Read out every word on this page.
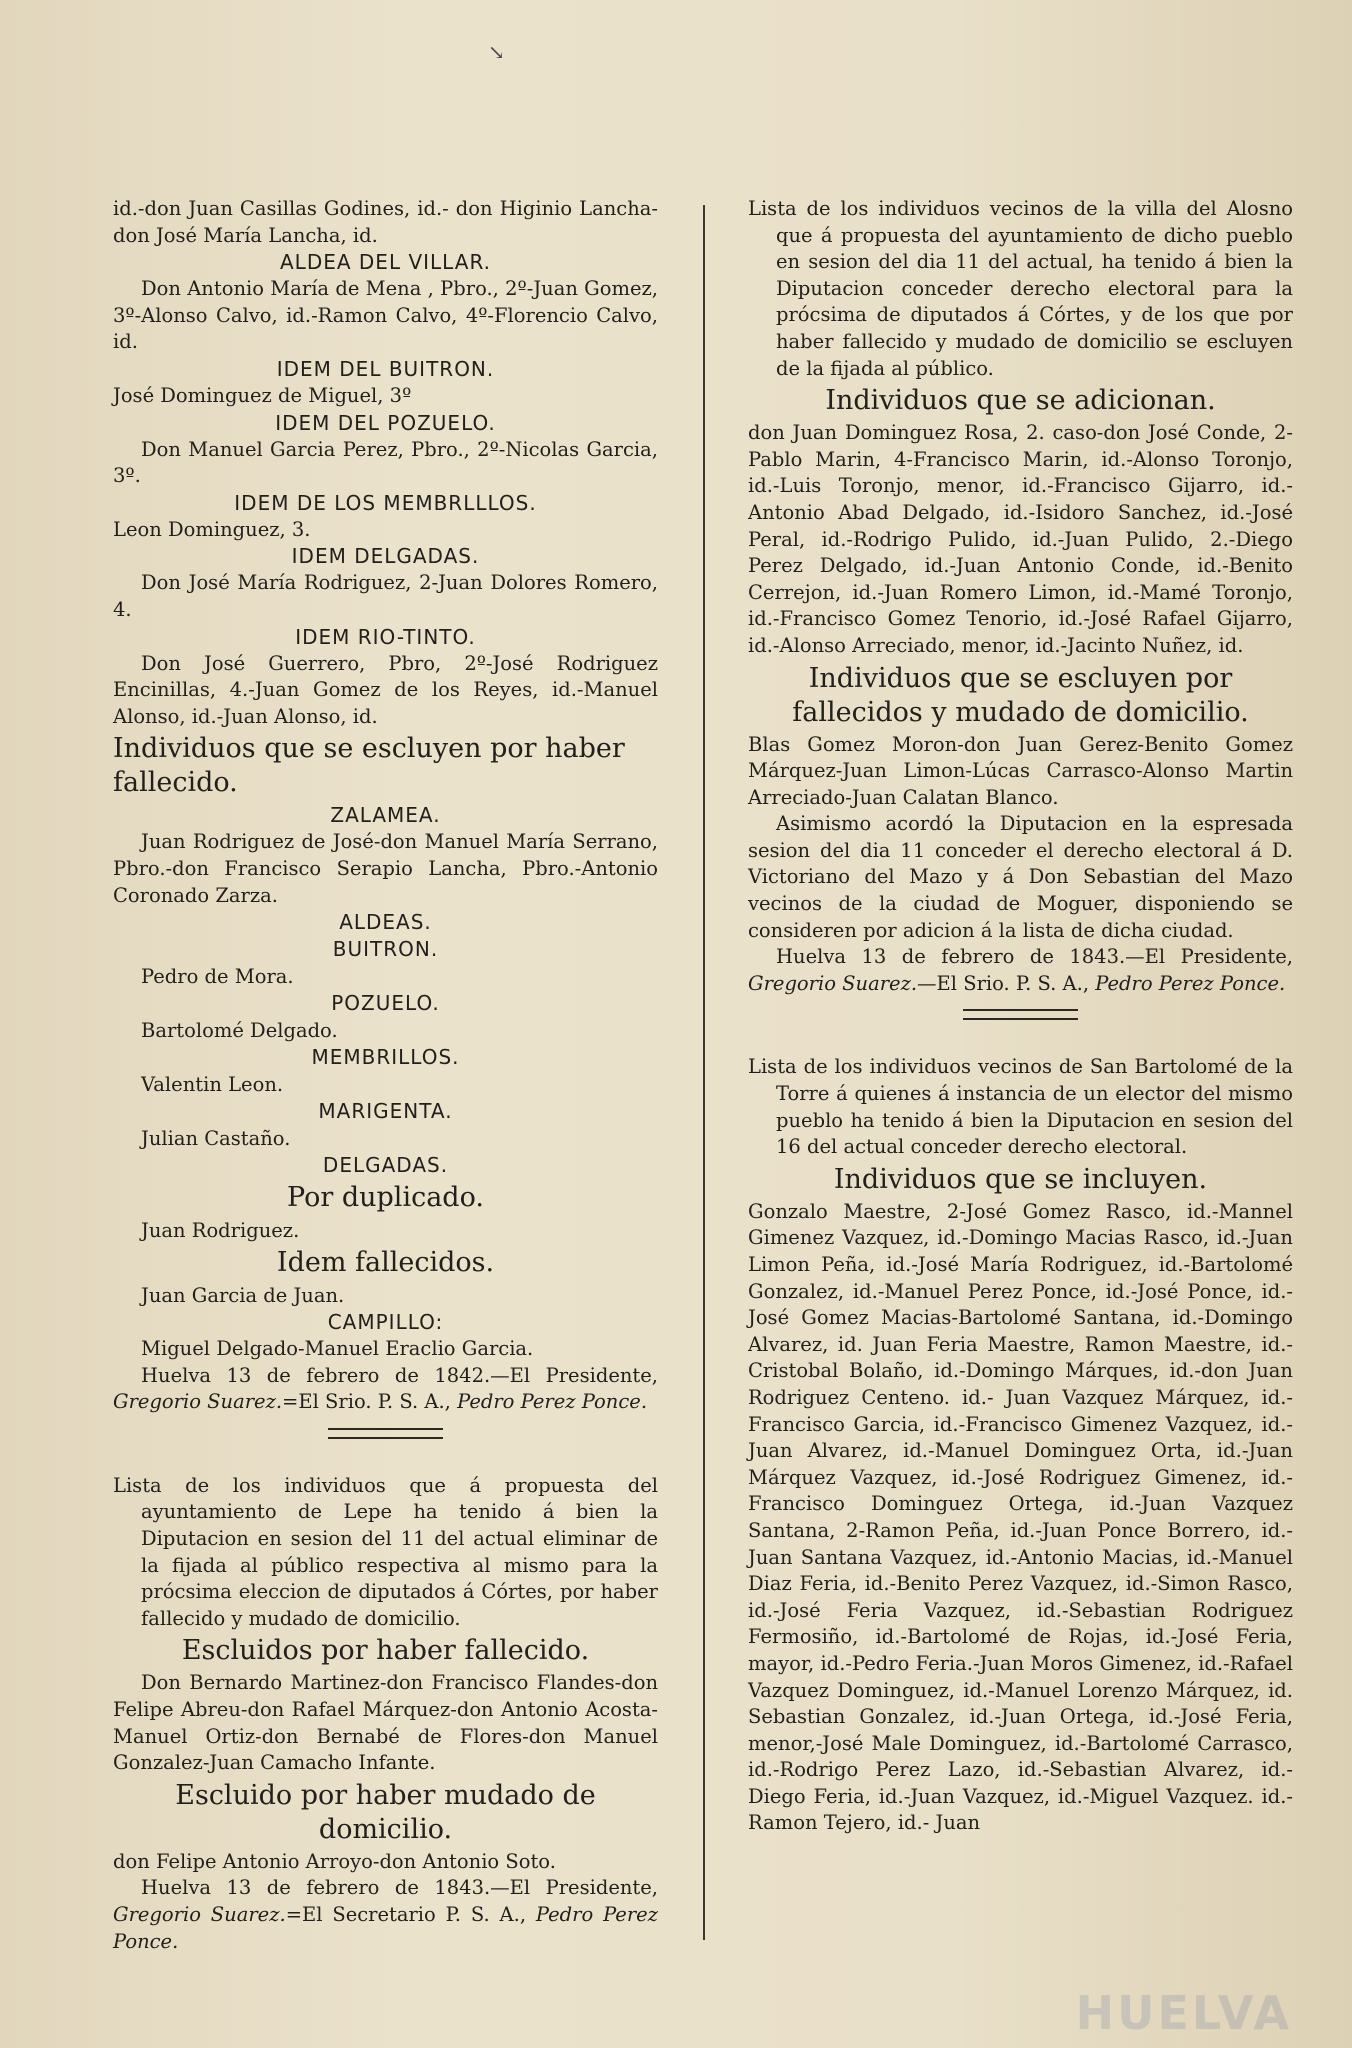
↘

id.-don Juan Casillas Godines, id.- don Higinio Lancha-don José María Lancha, id.

ALDEA DEL VILLAR.

Don Antonio María de Mena , Pbro., 2º-Juan Gomez, 3º-Alonso Calvo, id.-Ramon Calvo, 4º-Florencio Calvo, id.

IDEM DEL BUITRON.

José Dominguez de Miguel, 3º

IDEM DEL POZUELO.

Don Manuel Garcia Perez, Pbro., 2º-Nicolas Garcia, 3º.

IDEM DE LOS MEMBRLLLOS.

Leon Dominguez, 3.

IDEM DELGADAS.

Don José María Rodriguez, 2-Juan Dolores Romero, 4.

IDEM RIO-TINTO.

Don José Guerrero, Pbro, 2º-José Rodriguez Encinillas, 4.-Juan Gomez de los Reyes, id.-Manuel Alonso, id.-Juan Alonso, id.

Individuos que se escluyen por haber fallecido.
ZALAMEA.

Juan Rodriguez de José-don Manuel María Serrano, Pbro.-don Francisco Serapio Lancha, Pbro.-Antonio Coronado Zarza.

ALDEAS.
BUITRON.

Pedro de Mora.

POZUELO.

Bartolomé Delgado.

MEMBRILLOS.

Valentin Leon.

MARIGENTA.

Julian Castaño.

DELGADAS.
Por duplicado.

Juan Rodriguez.

Idem fallecidos.

Juan Garcia de Juan.

CAMPILLO:

Miguel Delgado-Manuel Eraclio Garcia.

Huelva 13 de febrero de 1842.—El Presidente, Gregorio Suarez.=El Srio. P. S. A., Pedro Perez Ponce.

Lista de los individuos que á propuesta del ayuntamiento de Lepe ha tenido á bien la Diputacion en sesion del 11 del actual eliminar de la fijada al público respectiva al mismo para la prócsima eleccion de diputados á Córtes, por haber fallecido y mudado de domicilio.

Escluidos por haber fallecido.

Don Bernardo Martinez-don Francisco Flandes-don Felipe Abreu-don Rafael Márquez-don Antonio Acosta-Manuel Ortiz-don Bernabé de Flores-don Manuel Gonzalez-Juan Camacho Infante.

Escluido por haber mudado de domicilio.

don Felipe Antonio Arroyo-don Antonio Soto.

Huelva 13 de febrero de 1843.—El Presidente, Gregorio Suarez.=El Secretario P. S. A., Pedro Perez Ponce.

Lista de los individuos vecinos de la villa del Alosno que á propuesta del ayuntamiento de dicho pueblo en sesion del dia 11 del actual, ha tenido á bien la Diputacion conceder derecho electoral para la prócsima de diputados á Córtes, y de los que por haber fallecido y mudado de domicilio se escluyen de la fijada al público.

Individuos que se adicionan.

don Juan Dominguez Rosa, 2. caso-don José Conde, 2-Pablo Marin, 4-Francisco Marin, id.-Alonso Toronjo, id.-Luis Toronjo, menor, id.-Francisco Gijarro, id.- Antonio Abad Delgado, id.-Isidoro Sanchez, id.-José Peral, id.-Rodrigo Pulido, id.-Juan Pulido, 2.-Diego Perez Delgado, id.-Juan Antonio Conde, id.-Benito Cerrejon, id.-Juan Romero Limon, id.-Mamé Toronjo, id.-Francisco Gomez Tenorio, id.-José Rafael Gijarro, id.-Alonso Arreciado, menor, id.-Jacinto Nuñez, id.

Individuos que se escluyen por fallecidos y mudado de domicilio.

Blas Gomez Moron-don Juan Gerez-Benito Gomez Márquez-Juan Limon-Lúcas Carrasco-Alonso Martin Arreciado-Juan Calatan Blanco.

Asimismo acordó la Diputacion en la espresada sesion del dia 11 conceder el derecho electoral á D. Victoriano del Mazo y á Don Sebastian del Mazo vecinos de la ciudad de Moguer, disponiendo se consideren por adicion á la lista de dicha ciudad.

Huelva 13 de febrero de 1843.—El Presidente, Gregorio Suarez.—El Srio. P. S. A., Pedro Perez Ponce.

Lista de los individuos vecinos de San Bartolomé de la Torre á quienes á instancia de un elector del mismo pueblo ha tenido á bien la Diputacion en sesion del 16 del actual conceder derecho electoral.

Individuos que se incluyen.

Gonzalo Maestre, 2-José Gomez Rasco, id.-Mannel Gimenez Vazquez, id.-Domingo Macias Rasco, id.-Juan Limon Peña, id.-José María Rodriguez, id.-Bartolomé Gonzalez, id.-Manuel Perez Ponce, id.-José Ponce, id.-José Gomez Macias-Bartolomé Santana, id.-Domingo Alvarez, id. Juan Feria Maestre, Ramon Maestre, id.-Cristobal Bolaño, id.-Domingo Márques, id.-don Juan Rodriguez Centeno. id.- Juan Vazquez Márquez, id.-Francisco Garcia, id.-Francisco Gimenez Vazquez, id.-Juan Alvarez, id.-Manuel Dominguez Orta, id.-Juan Márquez Vazquez, id.-José Rodriguez Gimenez, id.-Francisco Dominguez Ortega, id.-Juan Vazquez Santana, 2-Ramon Peña, id.-Juan Ponce Borrero, id.-Juan Santana Vazquez, id.-Antonio Macias, id.-Manuel Diaz Feria, id.-Benito Perez Vazquez, id.-Simon Rasco, id.-José Feria Vazquez, id.-Sebastian Rodriguez Fermosiño, id.-Bartolomé de Rojas, id.-José Feria, mayor, id.-Pedro Feria.-Juan Moros Gimenez, id.-Rafael Vazquez Dominguez, id.-Manuel Lorenzo Márquez, id. Sebastian Gonzalez, id.-Juan Ortega, id.-José Feria, menor,-José Male Dominguez, id.-Bartolomé Carrasco, id.-Rodrigo Perez Lazo, id.-Sebastian Alvarez, id.-Diego Feria, id.-Juan Vazquez, id.-Miguel Vazquez. id.-Ramon Tejero, id.- Juan

HUELVA
